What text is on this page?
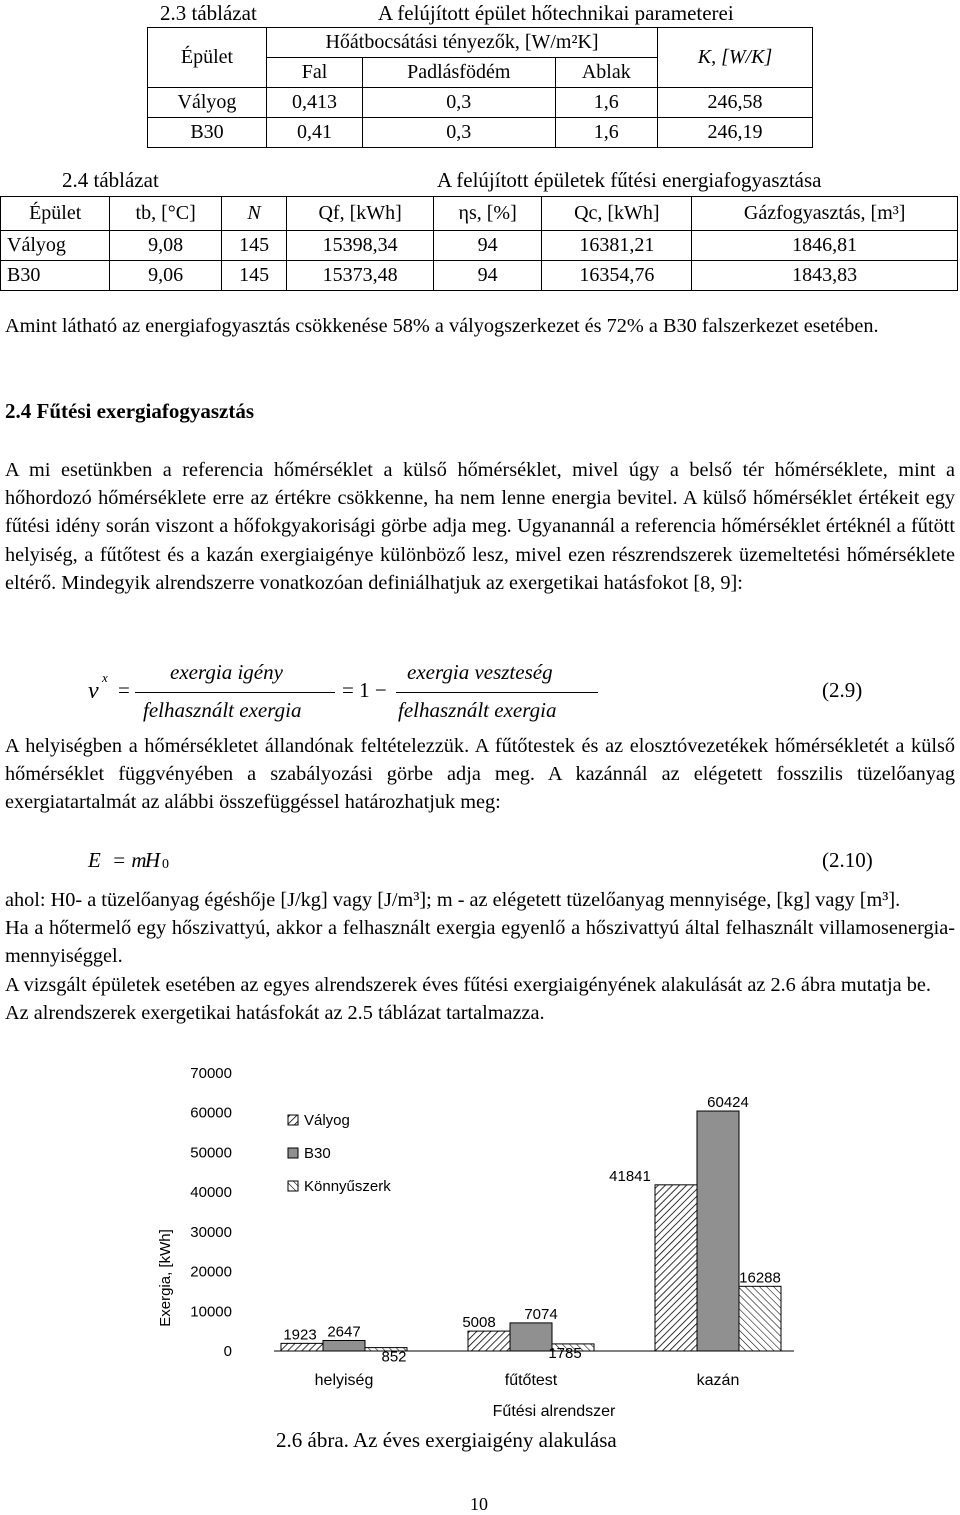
2.3 táblázat	A felújított épület hőtechnikai parameterei
Épület	Hőátbocsátási tényezők, [W/m²K]			K, [W/K]
	Fal	Padlásfödém	Ablak	
Vályog	0,413	0,3	1,6	246,58
B30	0,41	0,3	1,6	246,19
2.4 táblázat	A felújított épületek fűtési energiafogyasztása
Épület	tb, [°C]	N	Qf, [kWh]	ηs, [%]	Qc, [kWh]	Gázfogyasztás, [m³]
Vályog	9,08	145	15398,34	94	16381,21	1846,81
B30	9,06	145	15373,48	94	16354,76	1843,83

Amint látható az energiafogyasztás csökkenése 58% a vályogszerkezet és 72% a B30 falszerkezet esetében.

2.4 Fűtési exergiafogyasztás

A mi esetünkben a referencia hőmérséklet a külső hőmérséklet, mivel úgy a belső tér hőmérséklete, mint a hőhordozó hőmérséklete erre az értékre csökkenne, ha nem lenne energia bevitel. A külső hőmérséklet értékeit egy fűtési idény során viszont a hőfokgyakorisági görbe adja meg. Ugyanannál a referencia hőmérséklet értéknél a fűtött helyiség, a fűtőtest és a kazán exergiaigénye különböző lesz, mivel ezen részrendszerek üzemeltetési hőmérséklete eltérő. Mindegyik alrendszerre vonatkozóan definiálhatjuk az exergetikai hatásfokot [8, 9]:

ν
x
=
exergia igény
felhasznált exergia
= 1 −
exergia veszteség
felhasznált exergia
(2.9)

A helyiségben a hőmérsékletet állandónak feltételezzük. A fűtőtestek és az elosztóvezetékek hőmérsékletét a külső hőmérséklet függvényében a szabályozási görbe adja meg. A kazánnál az elégetett fosszilis tüzelőanyag exergiatartalmát az alábbi összefüggéssel határozhatjuk meg:

E = m
H 0	(2.10)

ahol: H0- a tüzelőanyag égéshője [J/kg] vagy [J/m³]; m - az elégetett tüzelőanyag mennyisége, [kg] vagy [m³].

Ha a hőtermelő egy hőszivattyú, akkor a felhasznált exergia egyenlő a hőszivattyú által felhasznált villamosenergia-mennyiséggel.

A vizsgált épületek esetében az egyes alrendszerek éves fűtési exergiaigényének alakulását az 2.6 ábra mutatja be. Az alrendszerek exergetikai hatásfokát az 2.5 táblázat tartalmazza.

0
10000
20000
30000
40000
50000
60000
70000
1923
5008
41841
2647
7074
60424
852	1785
16288
helyiség	fűtőtest	kazán
Exergia, [kWh]
Fűtési alrendszer
Vályog
B30
Könnyűszerk
2.6 ábra. Az éves exergiaigény alakulása
10
